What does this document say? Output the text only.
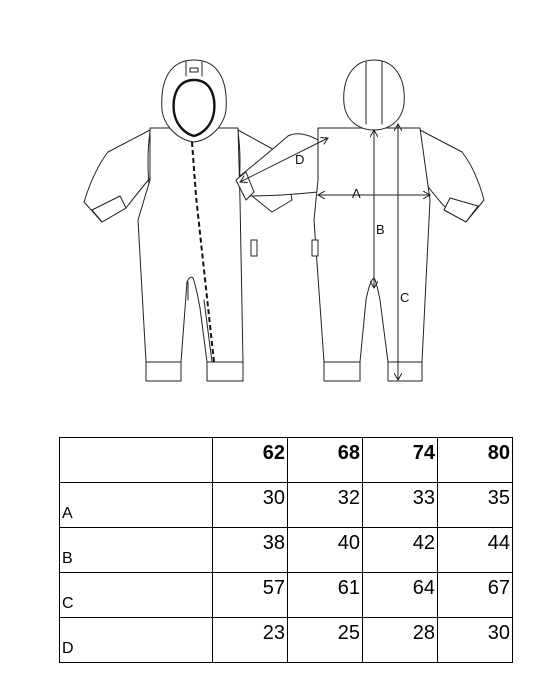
D
A
B
C
	62	68	74	80
A	30	32	33	35
B	38	40	42	44
C	57	61	64	67
D	23	25	28	30
